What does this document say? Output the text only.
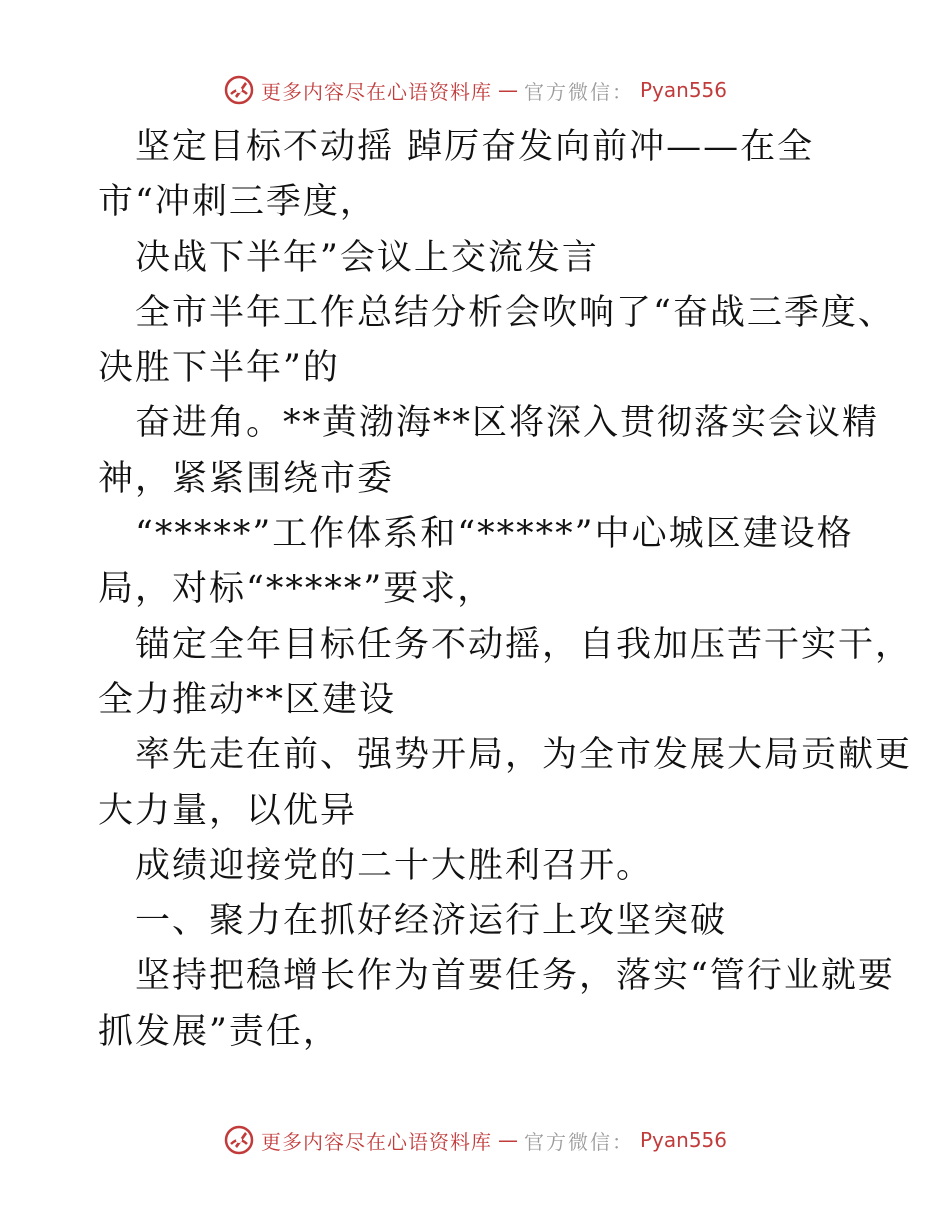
更多内容尽在心语资料库 — 官方微信： Pyan556
坚定目标不动摇 踔厉奋发向前冲——在全
市“冲刺三季度，
决战下半年”会议上交流发言
全市半年工作总结分析会吹响了“奋战三季度、
决胜下半年”的
奋进角。**黄渤海**区将深入贯彻落实会议精
神，紧紧围绕市委
“*****”工作体系和“*****”中心城区建设格
局，对标“*****”要求，
锚定全年目标任务不动摇，自我加压苦干实干，
全力推动**区建设
率先走在前、强势开局，为全市发展大局贡献更
大力量，以优异
成绩迎接党的二十大胜利召开。
一、聚力在抓好经济运行上攻坚突破
坚持把稳增长作为首要任务，落实“管行业就要
抓发展”责任，
更多内容尽在心语资料库 — 官方微信： Pyan556
